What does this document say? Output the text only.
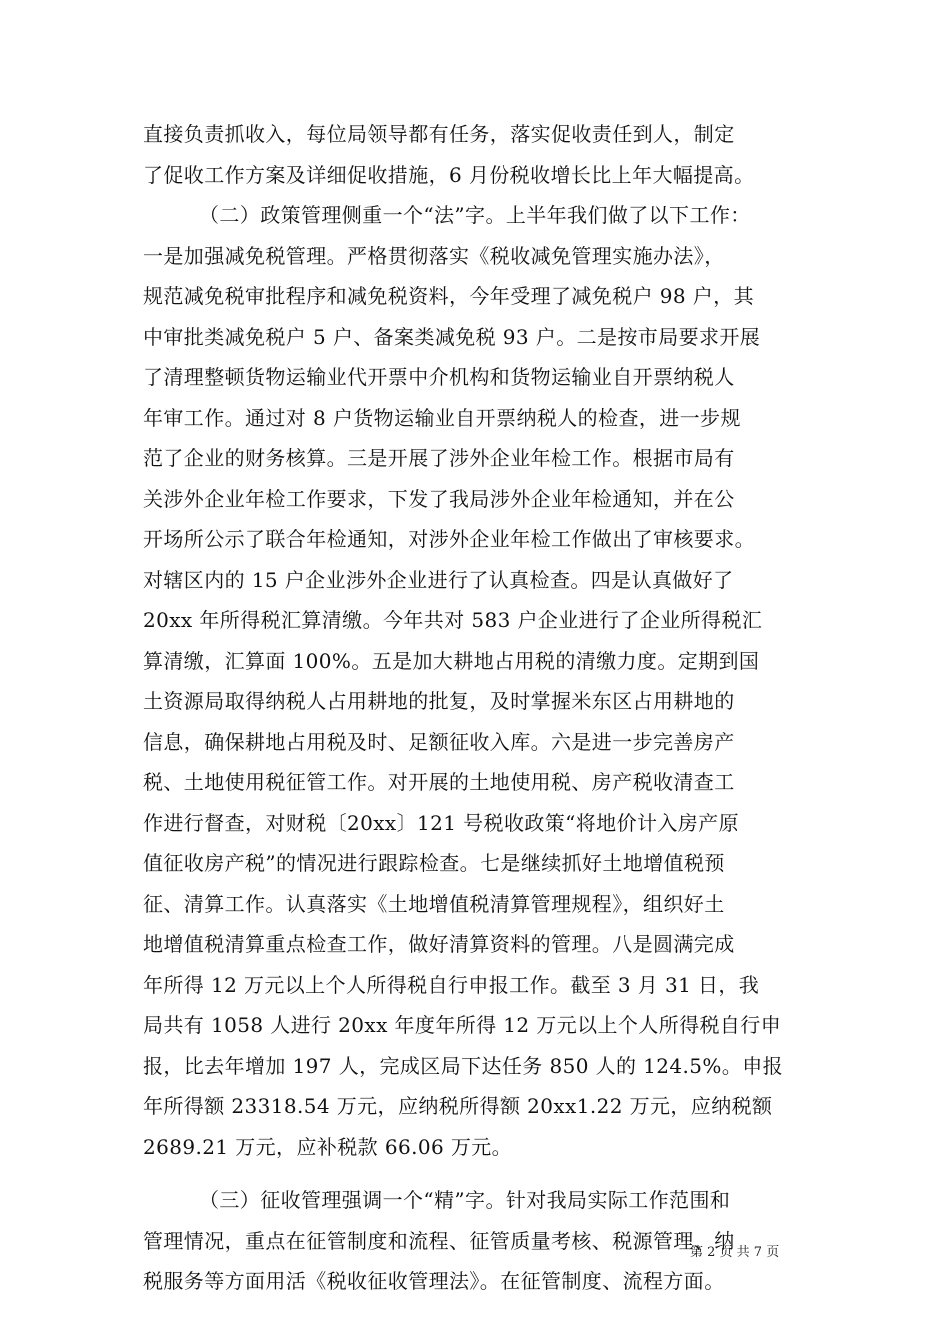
直接负责抓收入，每位局领导都有任务，落实促收责任到人，制定
了促收工作方案及详细促收措施，6 月份税收增长比上年大幅提高。
（二）政策管理侧重一个“法”字。上半年我们做了以下工作：
一是加强减免税管理。严格贯彻落实《税收减免管理实施办法》，
规范减免税审批程序和减免税资料，今年受理了减免税户 98 户，其
中审批类减免税户 5 户、备案类减免税 93 户。二是按市局要求开展
了清理整顿货物运输业代开票中介机构和货物运输业自开票纳税人
年审工作。通过对 8 户货物运输业自开票纳税人的检查，进一步规
范了企业的财务核算。三是开展了涉外企业年检工作。根据市局有
关涉外企业年检工作要求，下发了我局涉外企业年检通知，并在公
开场所公示了联合年检通知，对涉外企业年检工作做出了审核要求。
对辖区内的 15 户企业涉外企业进行了认真检查。四是认真做好了
20xx 年所得税汇算清缴。今年共对 583 户企业进行了企业所得税汇
算清缴，汇算面 100%。五是加大耕地占用税的清缴力度。定期到国
土资源局取得纳税人占用耕地的批复，及时掌握米东区占用耕地的
信息，确保耕地占用税及时、足额征收入库。六是进一步完善房产
税、土地使用税征管工作。对开展的土地使用税、房产税收清查工
作进行督查，对财税〔20xx〕121 号税收政策“将地价计入房产原
值征收房产税”的情况进行跟踪检查。七是继续抓好土地增值税预
征、清算工作。认真落实《土地增值税清算管理规程》，组织好土
地增值税清算重点检查工作，做好清算资料的管理。八是圆满完成
年所得 12 万元以上个人所得税自行申报工作。截至 3 月 31 日，我
局共有 1058 人进行 20xx 年度年所得 12 万元以上个人所得税自行申
报，比去年增加 197 人，完成区局下达任务 850 人的 124.5%。申报
年所得额 23318.54 万元，应纳税所得额 20xx1.22 万元，应纳税额
2689.21 万元，应补税款 66.06 万元。
（三）征收管理强调一个“精”字。针对我局实际工作范围和
管理情况，重点在征管制度和流程、征管质量考核、税源管理、纳
税服务等方面用活《税收征收管理法》。在征管制度、流程方面。
第 2 页 共 7 页
